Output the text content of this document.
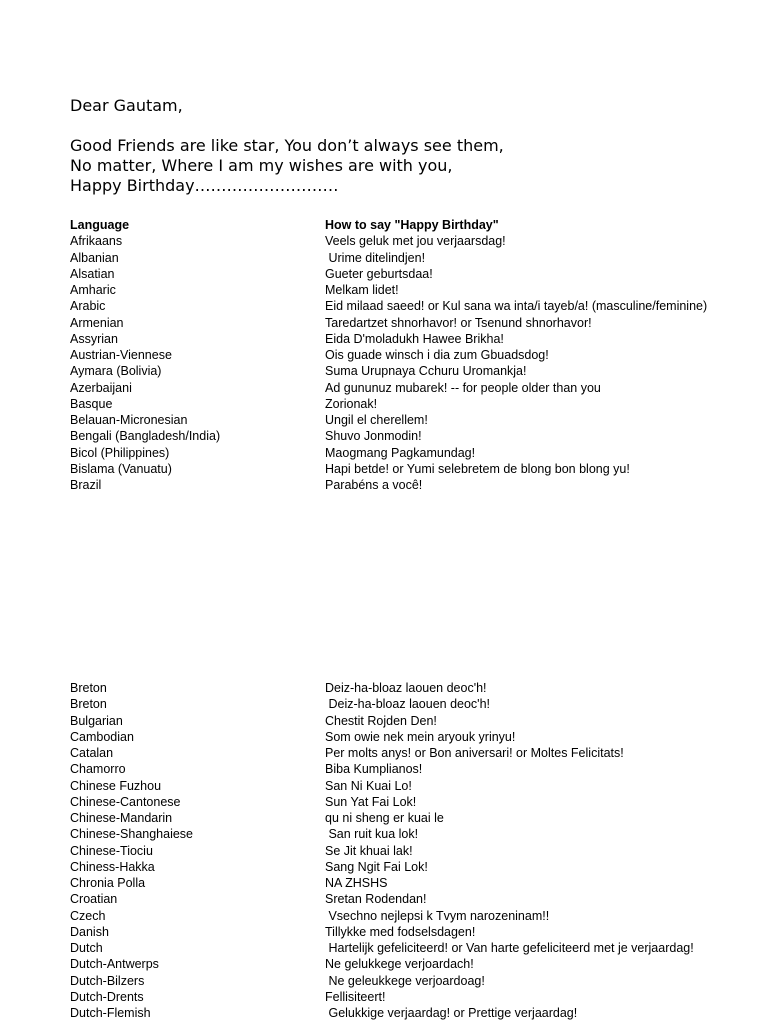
Dear Gautam,
Good Friends are like star, You don’t always see them,
No matter, Where I am my wishes are with you,
Happy Birthday………………………
Language	How to say "Happy Birthday"
Afrikaans	Veels geluk met jou verjaarsdag!
Albanian	Urime ditelindjen!
Alsatian	Gueter geburtsdaa!
Amharic	Melkam lidet!
Arabic	Eid milaad saeed! or Kul sana wa inta/i tayeb/a! (masculine/feminine)
Armenian	Taredartzet shnorhavor! or Tsenund shnorhavor!
Assyrian	Eida D'moladukh Hawee Brikha!
Austrian-Viennese	Ois guade winsch i dia zum Gbuadsdog!
Aymara (Bolivia)	Suma Urupnaya Cchuru Uromankja!
Azerbaijani	Ad gununuz mubarek! -- for people older than you
Basque	Zorionak!
Belauan-Micronesian	Ungil el cherellem!
Bengali (Bangladesh/India)	Shuvo Jonmodin!
Bicol (Philippines)	Maogmang Pagkamundag!
Bislama (Vanuatu)	Hapi betde! or Yumi selebretem de blong bon blong yu!
Brazil	Parabéns a você!
Breton	Deiz-ha-bloaz laouen deoc'h!
Breton	Deiz-ha-bloaz laouen deoc'h!
Bulgarian	Chestit Rojden Den!
Cambodian	Som owie nek mein aryouk yrinyu!
Catalan	Per molts anys! or Bon aniversari! or Moltes Felicitats!
Chamorro	Biba Kumplianos!
Chinese Fuzhou	San Ni Kuai Lo!
Chinese-Cantonese	Sun Yat Fai Lok!
Chinese-Mandarin	qu ni sheng er kuai le
Chinese-Shanghaiese	San ruit kua lok!
Chinese-Tiociu	Se Jit khuai lak!
Chiness-Hakka	Sang Ngit Fai Lok!
Chronia Polla	NA ZHSHS
Croatian	Sretan Rodendan!
Czech	Vsechno nejlepsi k Tvym narozeninam!!
Danish	Tillykke med fodselsdagen!
Dutch	Hartelijk gefeliciteerd! or Van harte gefeliciteerd met je verjaardag!
Dutch-Antwerps	Ne gelukkege verjoardach!
Dutch-Bilzers	Ne geleukkege verjoardoag!
Dutch-Drents	Fellisiteert!
Dutch-Flemish	Gelukkige verjaardag! or Prettige verjaardag!
